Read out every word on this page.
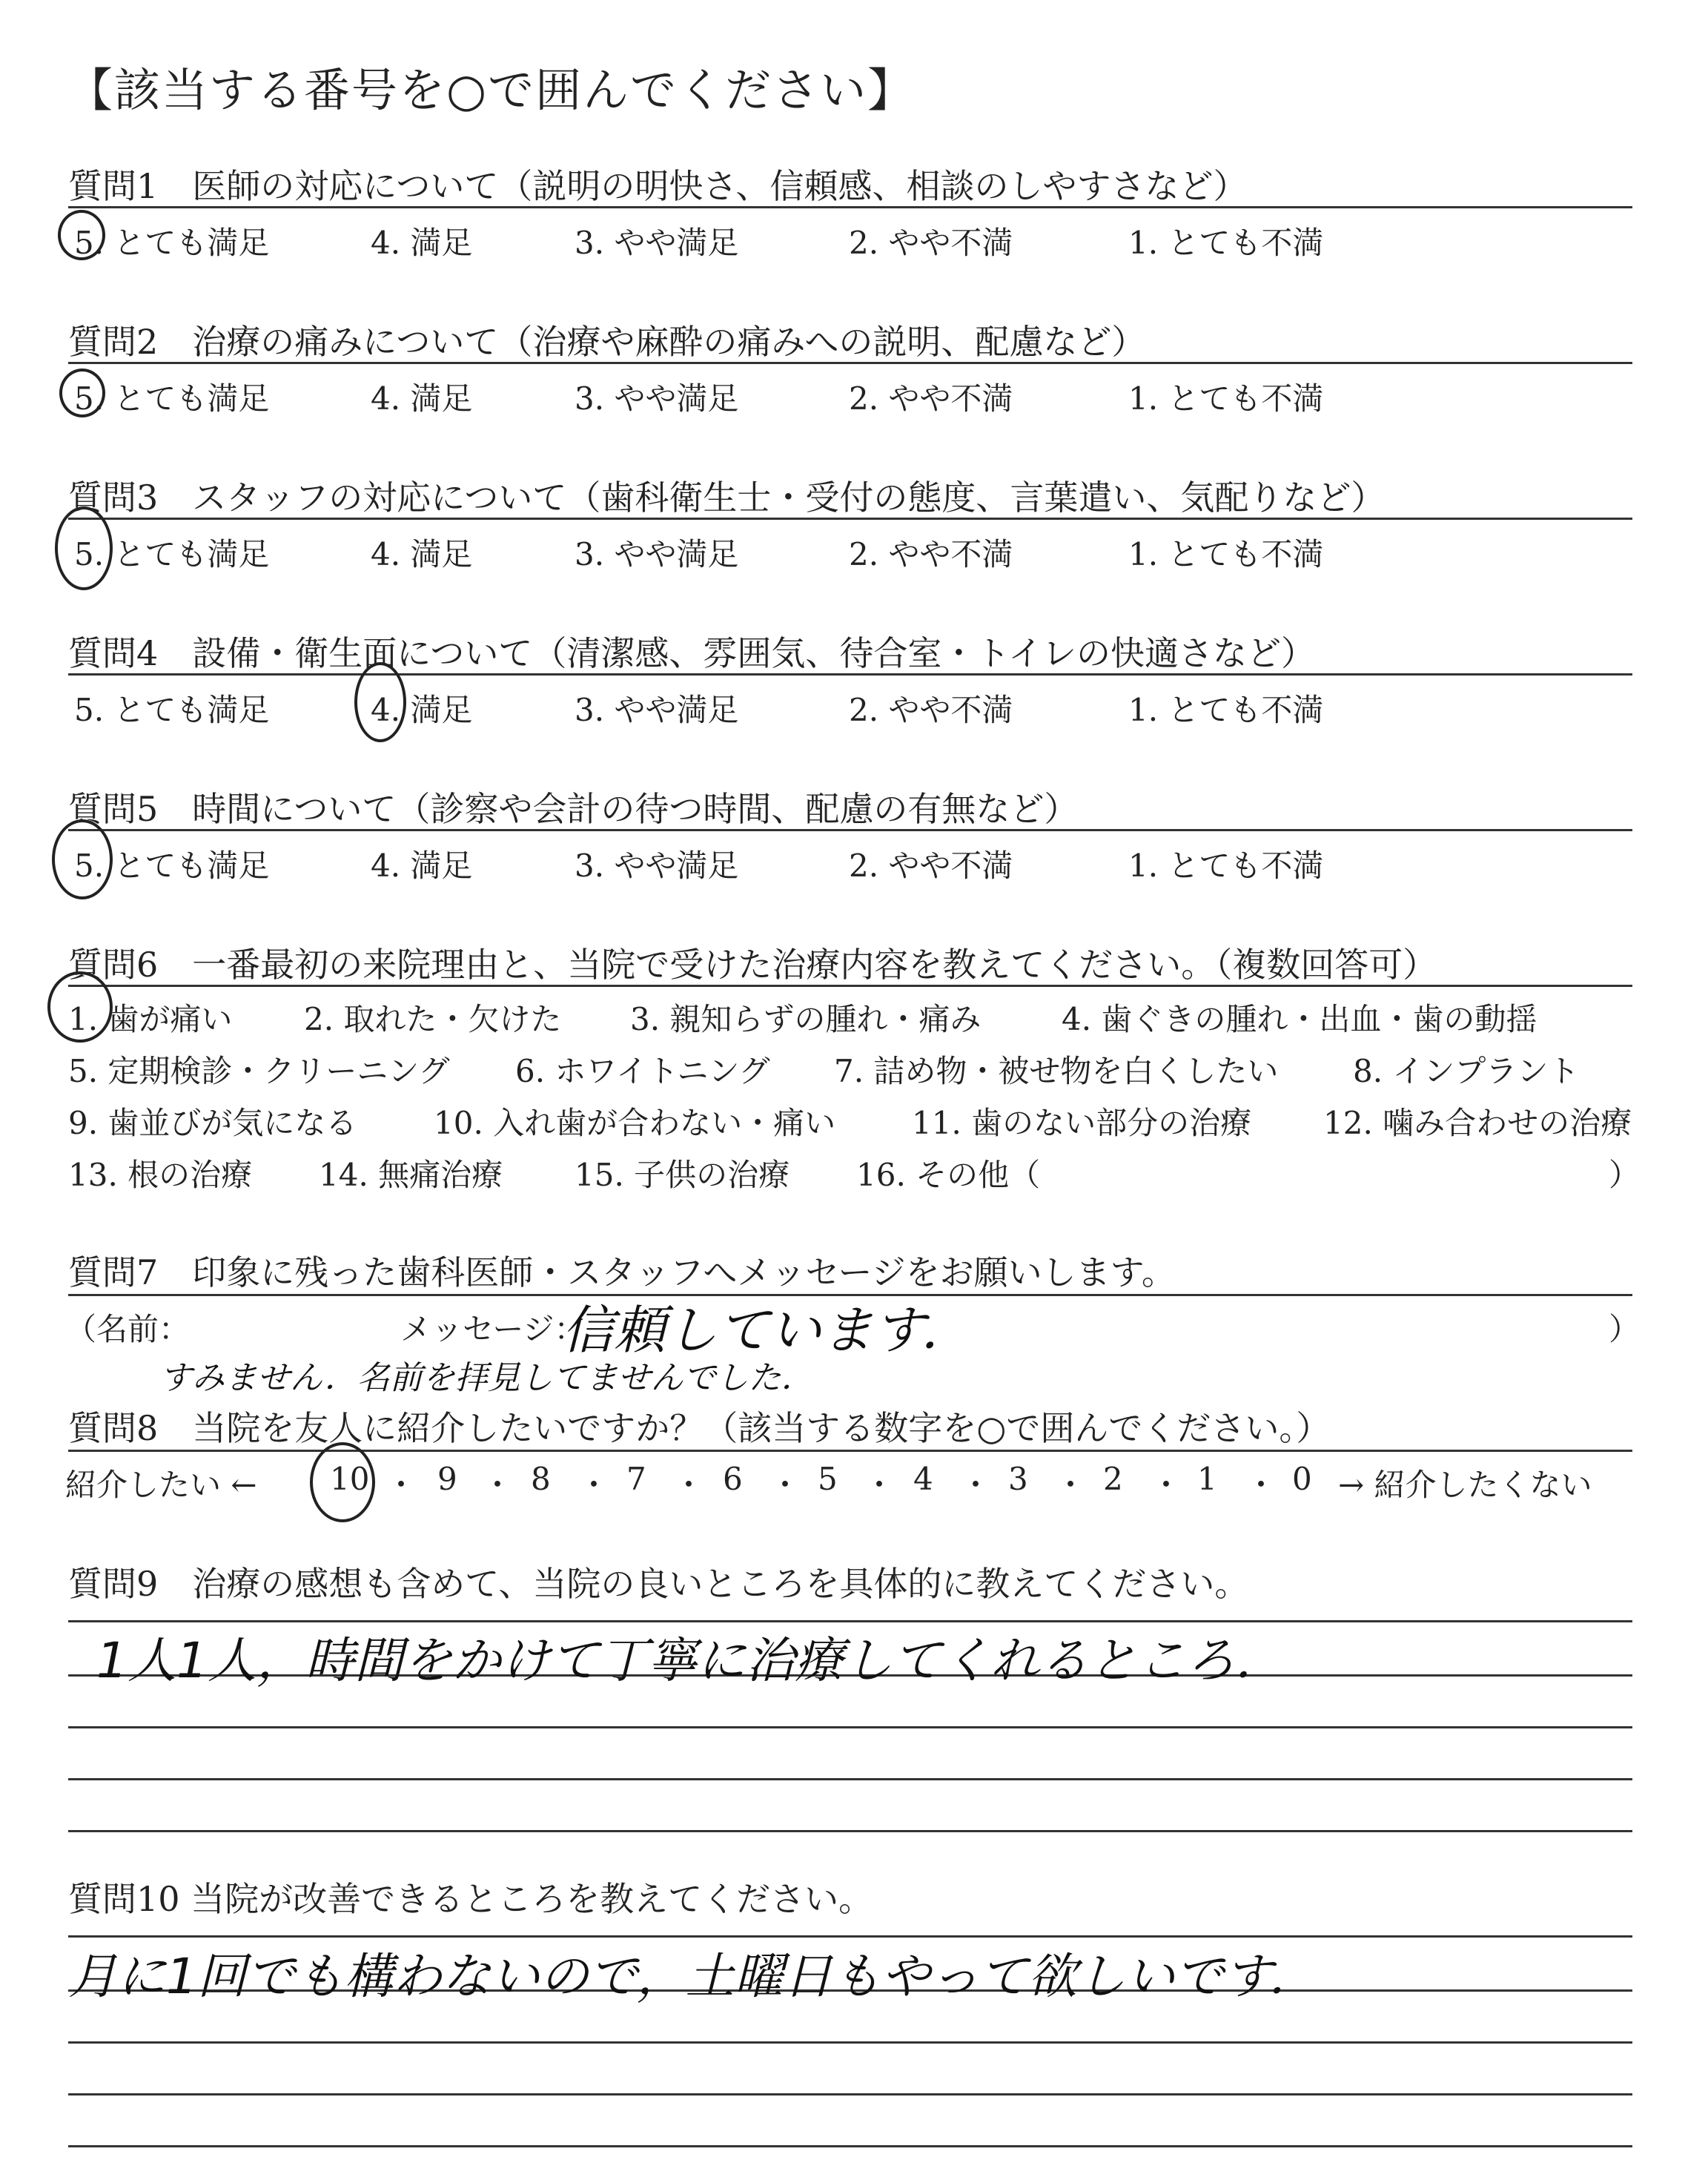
【該当する番号を○で囲んでください】
質問1　医師の対応について（説明の明快さ、信頼感、相談のしやすさなど）
5. とても満足	4. 満足	3. やや満足	2. やや不満	1. とても不満
質問2　治療の痛みについて（治療や麻酔の痛みへの説明、配慮など）
5. とても満足	4. 満足	3. やや満足	2. やや不満	1. とても不満
質問3　スタッフの対応について（歯科衛生士・受付の態度、言葉遣い、気配りなど）
5. とても満足	4. 満足	3. やや満足	2. やや不満	1. とても不満
質問4　設備・衛生面について（清潔感、雰囲気、待合室・トイレの快適さなど）
5. とても満足	4. 満足	3. やや満足	2. やや不満	1. とても不満
質問5　時間について（診察や会計の待つ時間、配慮の有無など）
5. とても満足	4. 満足	3. やや満足	2. やや不満	1. とても不満
質問6　一番最初の来院理由と、当院で受けた治療内容を教えてください。（複数回答可）
1. 歯が痛い 2. 取れた・欠けた 3. 親知らずの腫れ・痛み	4. 歯ぐきの腫れ・出血・歯の動揺
5. 定期検診・クリーニング 6. ホワイトニング 7. 詰め物・被せ物を白くしたい 8. インプラント
9. 歯並びが気になる 10. 入れ歯が合わない・痛い 11. 歯のない部分の治療 12. 噛み合わせの治療
13. 根の治療 14. 無痛治療 15. 子供の治療 16. その他（	）
質問7　印象に残った歯科医師・スタッフへメッセージをお願いします。
（名前：	メッセージ：	）
信頼しています．
すみません．名前を拝見してませんでした．
質問8　当院を友人に紹介したいですか？（該当する数字を○で囲んでください。）
紹介したい ←	→ 紹介したくない
10 ・ 9 ・ 8 ・ 7 ・ 6 ・ 5 ・ 4 ・ 3 ・ 2 ・ 1 ・ 0
質問9　治療の感想も含めて、当院の良いところを具体的に教えてください。
1人1人，時間をかけて丁寧に治療してくれるところ．
質問10 当院が改善できるところを教えてください。
月に1回でも構わないので，土曜日もやって欲しいです．
